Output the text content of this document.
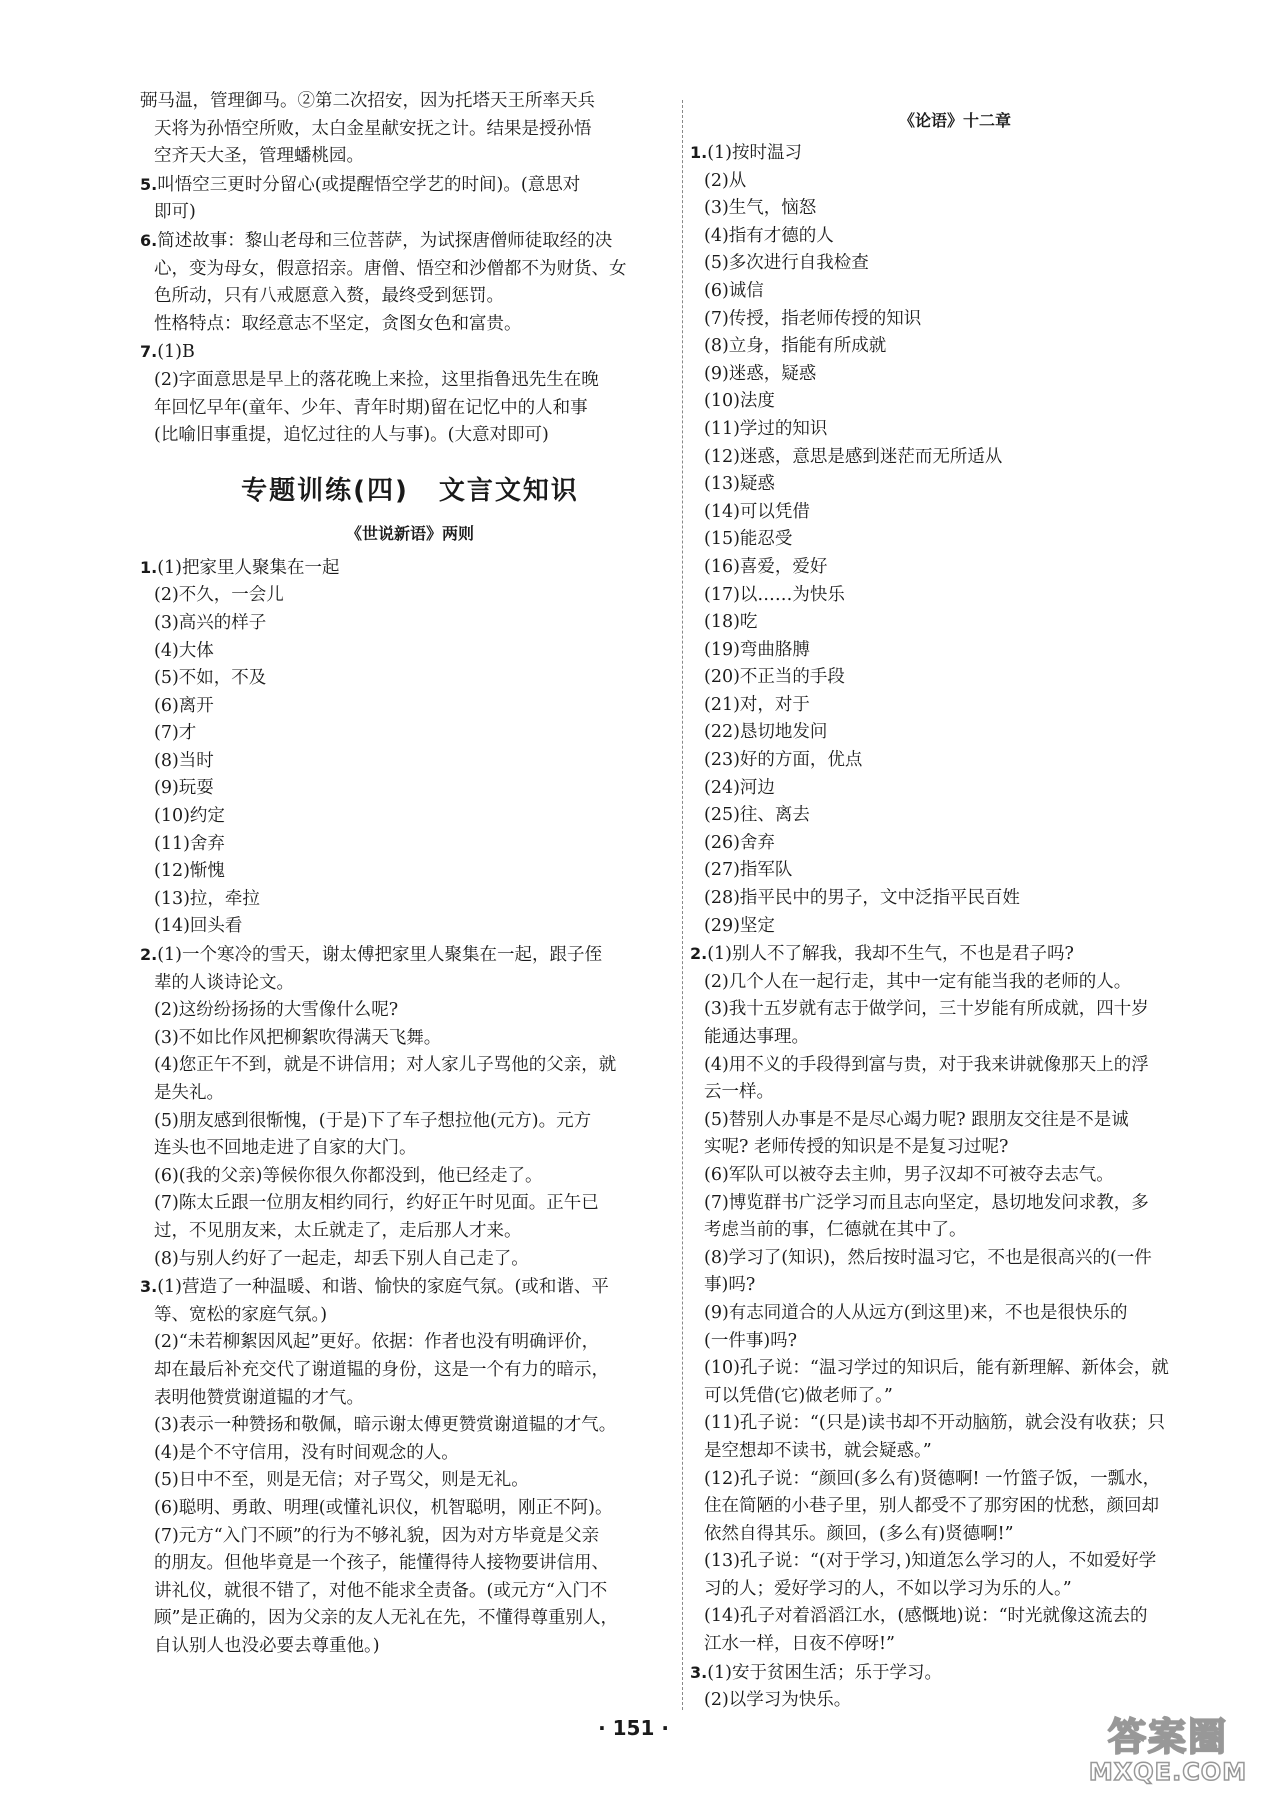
弼马温，管理御马。②第二次招安，因为托塔天王所率天兵
天将为孙悟空所败，太白金星献安抚之计。结果是授孙悟
空齐天大圣，管理蟠桃园。
5.叫悟空三更时分留心(或提醒悟空学艺的时间)。(意思对
即可)
6.简述故事：黎山老母和三位菩萨，为试探唐僧师徒取经的决
心，变为母女，假意招亲。唐僧、悟空和沙僧都不为财货、女
色所动，只有八戒愿意入赘，最终受到惩罚。
性格特点：取经意志不坚定，贪图女色和富贵。
7.(1)B
(2)字面意思是早上的落花晚上来捡，这里指鲁迅先生在晚
年回忆早年(童年、少年、青年时期)留在记忆中的人和事
(比喻旧事重提，追忆过往的人与事)。(大意对即可)
专题训练(四) 文言文知识
《世说新语》两则
1.(1)把家里人聚集在一起
(2)不久，一会儿
(3)高兴的样子
(4)大体
(5)不如，不及
(6)离开
(7)才
(8)当时
(9)玩耍
(10)约定
(11)舍弃
(12)惭愧
(13)拉，牵拉
(14)回头看
2.(1)一个寒冷的雪天，谢太傅把家里人聚集在一起，跟子侄
辈的人谈诗论文。
(2)这纷纷扬扬的大雪像什么呢?
(3)不如比作风把柳絮吹得满天飞舞。
(4)您正午不到，就是不讲信用；对人家儿子骂他的父亲，就
是失礼。
(5)朋友感到很惭愧，(于是)下了车子想拉他(元方)。元方
连头也不回地走进了自家的大门。
(6)(我的父亲)等候你很久你都没到，他已经走了。
(7)陈太丘跟一位朋友相约同行，约好正午时见面。正午已
过，不见朋友来，太丘就走了，走后那人才来。
(8)与别人约好了一起走，却丢下别人自己走了。
3.(1)营造了一种温暖、和谐、愉快的家庭气氛。(或和谐、平
等、宽松的家庭气氛。)
(2)“未若柳絮因风起”更好。依据：作者也没有明确评价，
却在最后补充交代了谢道韫的身份，这是一个有力的暗示，
表明他赞赏谢道韫的才气。
(3)表示一种赞扬和敬佩，暗示谢太傅更赞赏谢道韫的才气。
(4)是个不守信用，没有时间观念的人。
(5)日中不至，则是无信；对子骂父，则是无礼。
(6)聪明、勇敢、明理(或懂礼识仪，机智聪明，刚正不阿)。
(7)元方“入门不顾”的行为不够礼貌，因为对方毕竟是父亲
的朋友。但他毕竟是一个孩子，能懂得待人接物要讲信用、
讲礼仪，就很不错了，对他不能求全责备。(或元方“入门不
顾”是正确的，因为父亲的友人无礼在先，不懂得尊重别人，
自认别人也没必要去尊重他。)
《论语》十二章
1.(1)按时温习
(2)从
(3)生气，恼怒
(4)指有才德的人
(5)多次进行自我检查
(6)诚信
(7)传授，指老师传授的知识
(8)立身，指能有所成就
(9)迷惑，疑惑
(10)法度
(11)学过的知识
(12)迷惑，意思是感到迷茫而无所适从
(13)疑惑
(14)可以凭借
(15)能忍受
(16)喜爱，爱好
(17)以……为快乐
(18)吃
(19)弯曲胳膊
(20)不正当的手段
(21)对，对于
(22)恳切地发问
(23)好的方面，优点
(24)河边
(25)往、离去
(26)舍弃
(27)指军队
(28)指平民中的男子，文中泛指平民百姓
(29)坚定
2.(1)别人不了解我，我却不生气，不也是君子吗?
(2)几个人在一起行走，其中一定有能当我的老师的人。
(3)我十五岁就有志于做学问，三十岁能有所成就，四十岁
能通达事理。
(4)用不义的手段得到富与贵，对于我来讲就像那天上的浮
云一样。
(5)替别人办事是不是尽心竭力呢? 跟朋友交往是不是诚
实呢? 老师传授的知识是不是复习过呢?
(6)军队可以被夺去主帅，男子汉却不可被夺去志气。
(7)博览群书广泛学习而且志向坚定，恳切地发问求教，多
考虑当前的事，仁德就在其中了。
(8)学习了(知识)，然后按时温习它，不也是很高兴的(一件
事)吗?
(9)有志同道合的人从远方(到这里)来，不也是很快乐的
(一件事)吗?
(10)孔子说：“温习学过的知识后，能有新理解、新体会，就
可以凭借(它)做老师了。”
(11)孔子说：“(只是)读书却不开动脑筋，就会没有收获；只
是空想却不读书，就会疑惑。”
(12)孔子说：“颜回(多么有)贤德啊! 一竹篮子饭，一瓢水，
住在简陋的小巷子里，别人都受不了那穷困的忧愁，颜回却
依然自得其乐。颜回，(多么有)贤德啊!”
(13)孔子说：“(对于学习，)知道怎么学习的人，不如爱好学
习的人；爱好学习的人，不如以学习为乐的人。”
(14)孔子对着滔滔江水，(感慨地)说：“时光就像这流去的
江水一样，日夜不停呀!”
3.(1)安于贫困生活；乐于学习。
(2)以学习为快乐。
· 151 ·	答案圈
MXQE.COM
